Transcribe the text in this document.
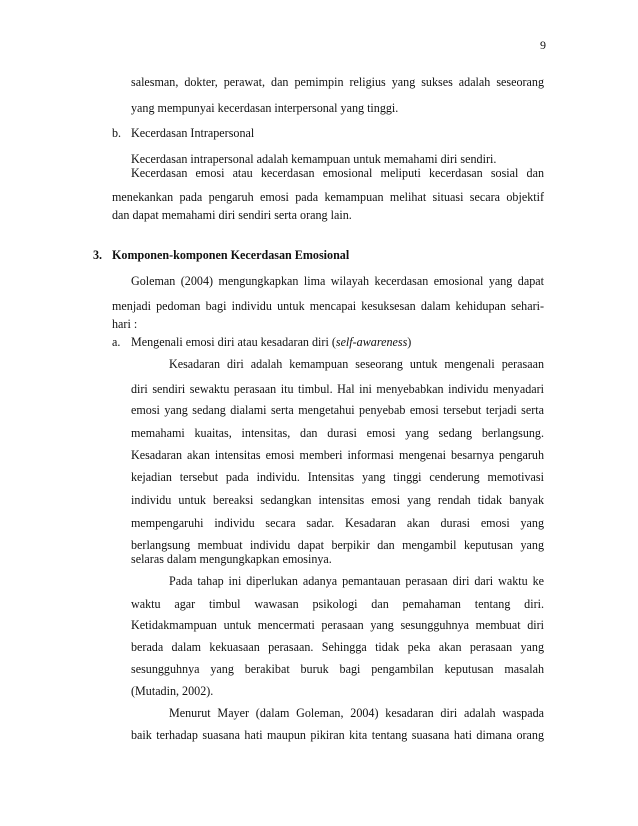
9
salesman, dokter, perawat, dan pemimpin religius yang sukses adalah seseorang
yang mempunyai kecerdasan interpersonal yang tinggi.
b. Kecerdasan Intrapersonal
Kecerdasan intrapersonal adalah kemampuan untuk memahami diri sendiri.
Kecerdasan emosi atau kecerdasan emosional meliputi kecerdasan sosial dan
menekankan pada pengaruh emosi pada kemampuan melihat situasi secara objektif
dan dapat memahami diri sendiri serta orang lain.
3. Komponen-komponen Kecerdasan Emosional
Goleman (2004) mengungkapkan lima wilayah kecerdasan emosional yang dapat
menjadi pedoman bagi individu untuk mencapai kesuksesan dalam kehidupan sehari-
hari :
a. Mengenali emosi diri atau kesadaran diri (self-awareness)
Kesadaran diri adalah kemampuan seseorang untuk mengenali perasaan
diri sendiri sewaktu perasaan itu timbul. Hal ini menyebabkan individu menyadari
emosi yang sedang dialami serta mengetahui penyebab emosi tersebut terjadi serta
memahami kuaitas, intensitas, dan durasi emosi yang sedang berlangsung.
Kesadaran akan intensitas emosi memberi informasi mengenai besarnya pengaruh
kejadian tersebut pada individu. Intensitas yang tinggi cenderung memotivasi
individu untuk bereaksi sedangkan intensitas emosi yang rendah tidak banyak
mempengaruhi individu secara sadar. Kesadaran akan durasi emosi yang
berlangsung membuat individu dapat berpikir dan mengambil keputusan yang
selaras dalam mengungkapkan emosinya.
Pada tahap ini diperlukan adanya pemantauan perasaan diri dari waktu ke
waktu agar timbul wawasan psikologi dan pemahaman tentang diri.
Ketidakmampuan untuk mencermati perasaan yang sesungguhnya membuat diri
berada dalam kekuasaan perasaan. Sehingga tidak peka akan perasaan yang
sesungguhnya yang berakibat buruk bagi pengambilan keputusan masalah
(Mutadin, 2002).
Menurut Mayer (dalam Goleman, 2004) kesadaran diri adalah waspada
baik terhadap suasana hati maupun pikiran kita tentang suasana hati dimana orang
